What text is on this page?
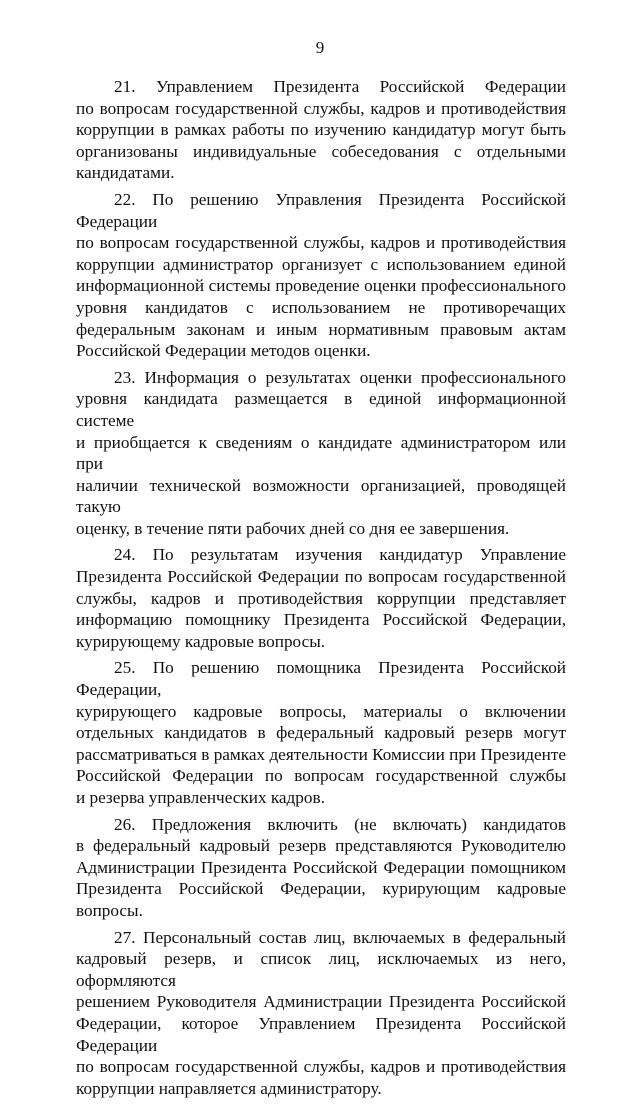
9

21. Управлением Президента Российской Федерации
по вопросам государственной службы, кадров и противодействия
коррупции в рамках работы по изучению кандидатур могут быть
организованы индивидуальные собеседования с отдельными
кандидатами.

22. По решению Управления Президента Российской Федерации
по вопросам государственной службы, кадров и противодействия
коррупции администратор организует с использованием единой
информационной системы проведение оценки профессионального
уровня кандидатов с использованием не противоречащих
федеральным законам и иным нормативным правовым актам
Российской Федерации методов оценки.

23. Информация о результатах оценки профессионального
уровня кандидата размещается в единой информационной системе
и приобщается к сведениям о кандидате администратором или при
наличии технической возможности организацией, проводящей такую
оценку, в течение пяти рабочих дней со дня ее завершения.

24. По результатам изучения кандидатур Управление
Президента Российской Федерации по вопросам государственной
службы, кадров и противодействия коррупции представляет
информацию помощнику Президента Российской Федерации,
курирующему кадровые вопросы.

25. По решению помощника Президента Российской Федерации,
курирующего кадровые вопросы, материалы о включении
отдельных кандидатов в федеральный кадровый резерв могут
рассматриваться в рамках деятельности Комиссии при Президенте
Российской Федерации по вопросам государственной службы
и резерва управленческих кадров.

26. Предложения включить (не включать) кандидатов
в федеральный кадровый резерв представляются Руководителю
Администрации Президента Российской Федерации помощником
Президента Российской Федерации, курирующим кадровые вопросы.

27. Персональный состав лиц, включаемых в федеральный
кадровый резерв, и список лиц, исключаемых из него, оформляются
решением Руководителя Администрации Президента Российской
Федерации, которое Управлением Президента Российской Федерации
по вопросам государственной службы, кадров и противодействия
коррупции направляется администратору.
